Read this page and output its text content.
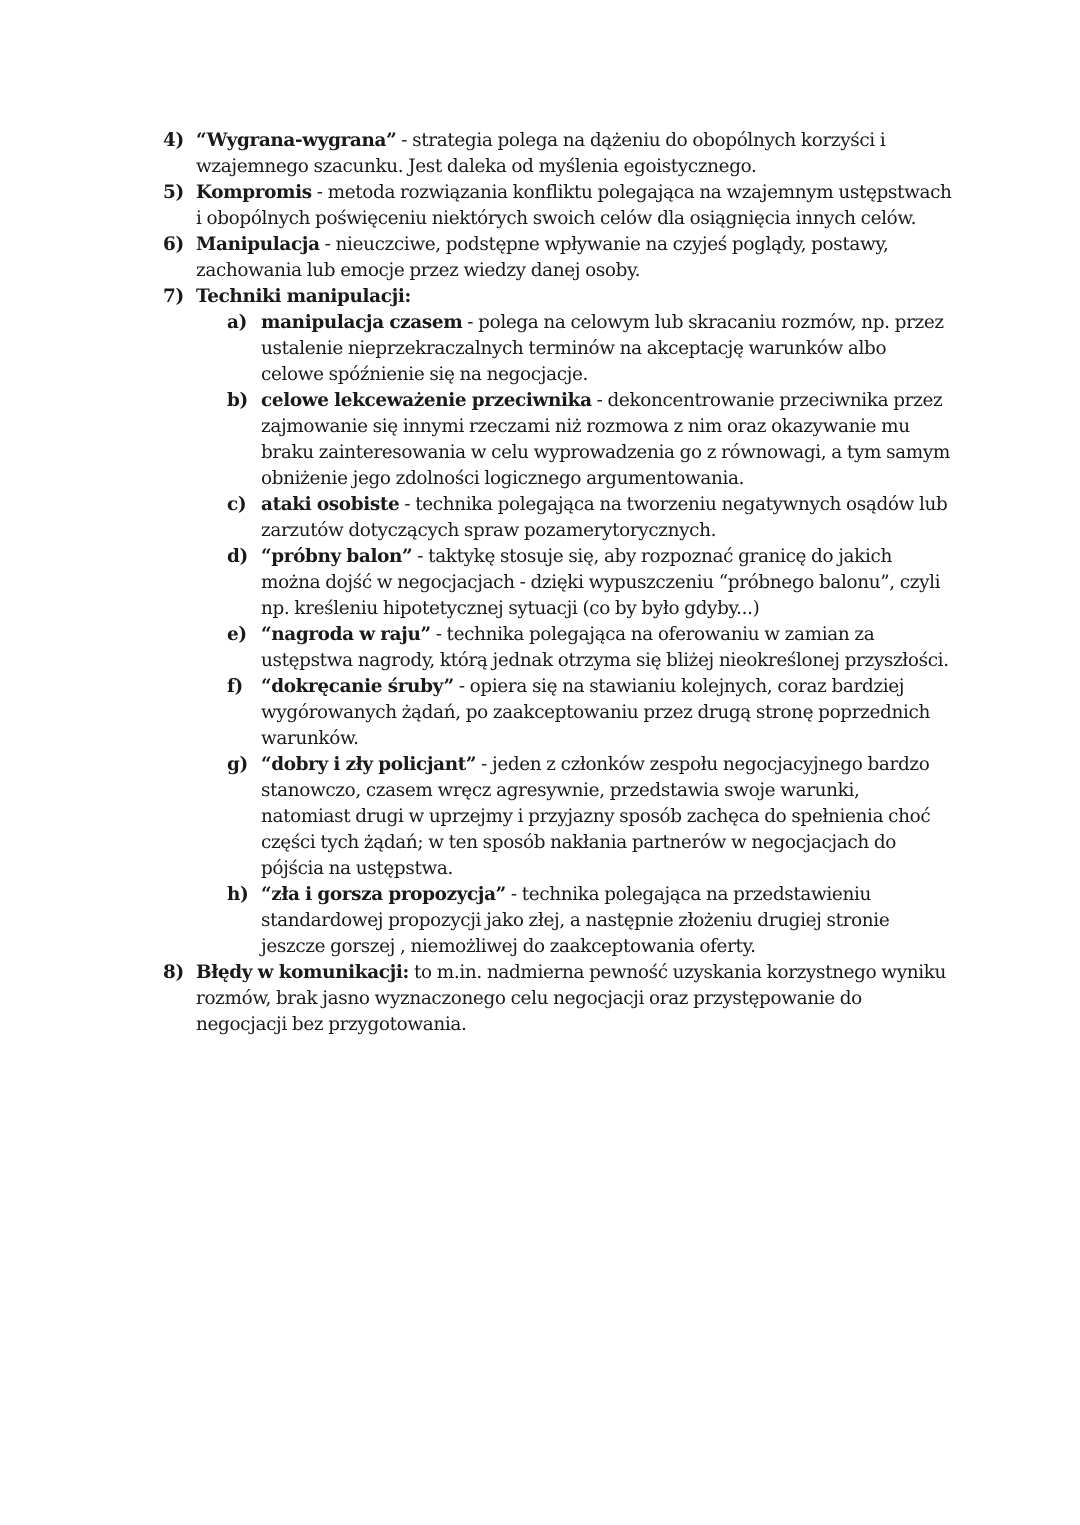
4) “Wygrana-wygrana” - strategia polega na dążeniu do obopólnych korzyści i wzajemnego szacunku. Jest daleka od myślenia egoistycznego.
5) Kompromis - metoda rozwiązania konfliktu polegająca na wzajemnym ustępstwach i obopólnych poświęceniu niektórych swoich celów dla osiągnięcia innych celów.
6) Manipulacja - nieuczciwe, podstępne wpływanie na czyjeś poglądy, postawy, zachowania lub emocje przez wiedzy danej osoby.
7) Techniki manipulacji:
a) manipulacja czasem - polega na celowym lub skracaniu rozmów, np. przez ustalenie nieprzekraczalnych terminów na akceptację warunków albo celowe spóźnienie się na negocjacje.
b) celowe lekceważenie przeciwnika - dekoncentrowanie przeciwnika przez zajmowanie się innymi rzeczami niż rozmowa z nim oraz okazywanie mu braku zainteresowania w celu wyprowadzenia go z równowagi, a tym samym obniżenie jego zdolności logicznego argumentowania.
c) ataki osobiste - technika polegająca na tworzeniu negatywnych osądów lub zarzutów dotyczących spraw pozamerytorycznych.
d) “próbny balon” - taktykę stosuje się, aby rozpoznać granicę do jakich można dojść w negocjacjach - dzięki wypuszczeniu “próbnego balonu”, czyli np. kreśleniu hipotetycznej sytuacji (co by było gdyby...)
e) “nagroda w raju” - technika polegająca na oferowaniu w zamian za ustępstwa nagrody, którą jednak otrzyma się bliżej nieokreślonej przyszłości.
f) “dokręcanie śruby” - opiera się na stawianiu kolejnych, coraz bardziej wygórowanych żądań, po zaakceptowaniu przez drugą stronę poprzednich warunków.
g) “dobry i zły policjant” - jeden z członków zespołu negocjacyjnego bardzo stanowczo, czasem wręcz agresywnie, przedstawia swoje warunki, natomiast drugi w uprzejmy i przyjazny sposób zachęca do spełnienia choć części tych żądań; w ten sposób nakłania partnerów w negocjacjach do pójścia na ustępstwa.
h) “zła i gorsza propozycja” - technika polegająca na przedstawieniu standardowej propozycji jako złej, a następnie złożeniu drugiej stronie jeszcze gorszej , niemożliwej do zaakceptowania oferty.
8) Błędy w komunikacji: to m.in. nadmierna pewność uzyskania korzystnego wyniku rozmów, brak jasno wyznaczonego celu negocjacji oraz przystępowanie do negocjacji bez przygotowania.
